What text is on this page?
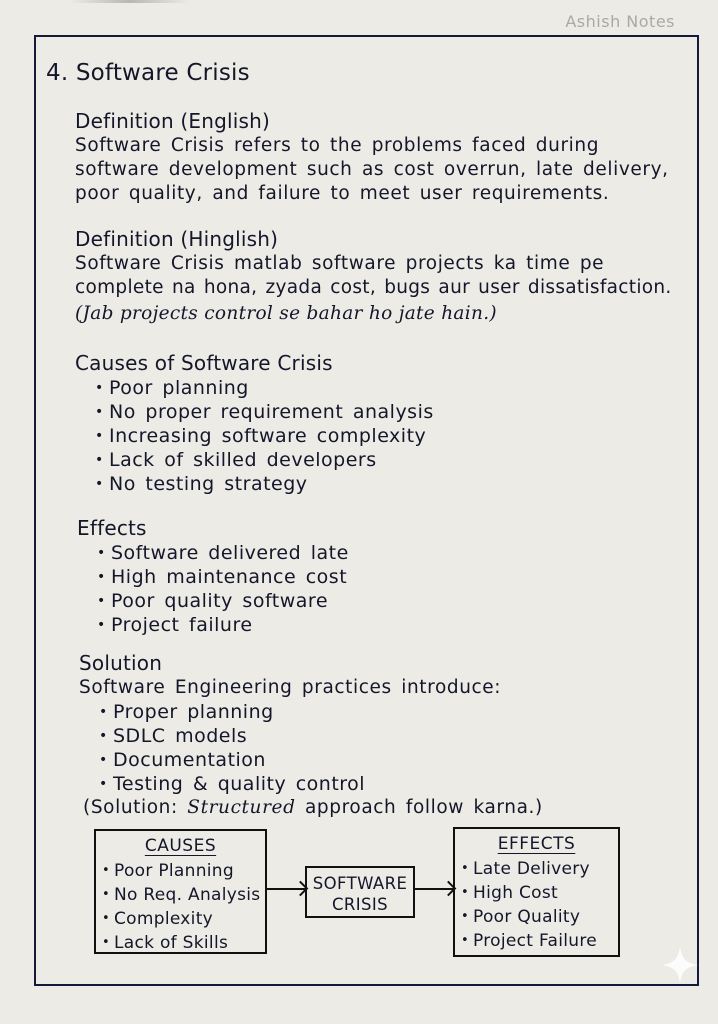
Ashish Notes
4. Software Crisis
Definition (English)
Software Crisis refers to the problems faced during
software development such as cost overrun, late delivery,
poor quality, and failure to meet user requirements.
Definition (Hinglish)
Software Crisis matlab software projects ka time pe
complete na hona, zyada cost, bugs aur user dissatisfaction.
(Jab projects control se bahar ho jate hain.)
Causes of Software Crisis
• Poor planning
• No proper requirement analysis
• Increasing software complexity
• Lack of skilled developers
• No testing strategy
Effects
• Software delivered late
• High maintenance cost
• Poor quality software
• Project failure
Solution
Software Engineering practices introduce:
• Proper planning
• SDLC models
• Documentation
• Testing & quality control
(Solution: Structured approach follow karna.)
CAUSES
• Poor Planning
• No Req. Analysis
• Complexity
• Lack of Skills
SOFTWARE
CRISIS
EFFECTS
• Late Delivery
• High Cost
• Poor Quality
• Project Failure
